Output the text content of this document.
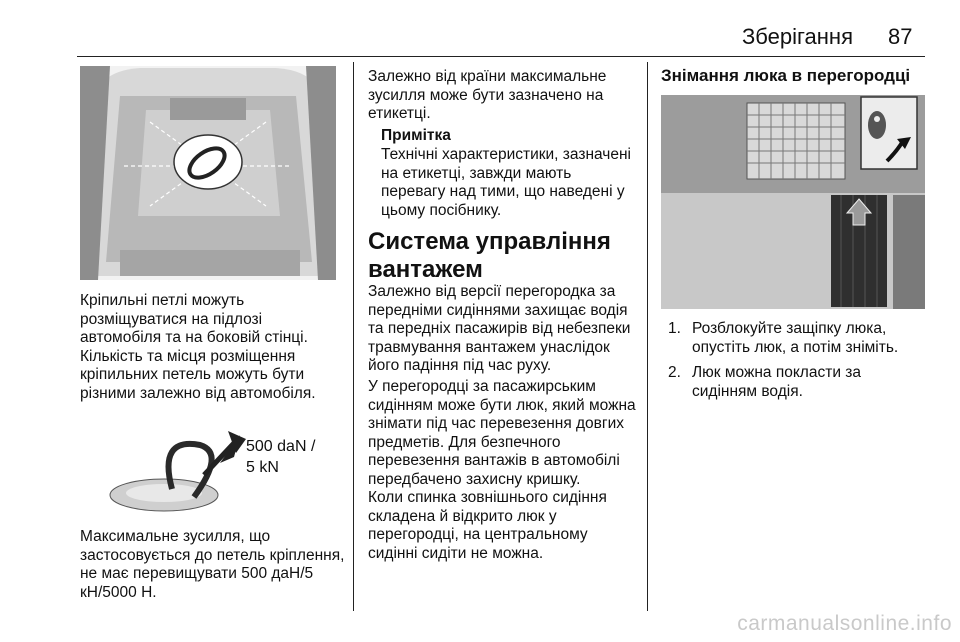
Зберігання 87

Кріпильні петлі можуть розміщуватися на підлозі автомобіля та на боковій стінці. Кількість та місця розміщення кріпильних петель можуть бути різними залежно від автомобіля.

500 daN /
5 kN

Максимальне зусилля, що застосовується до петель кріплення, не має перевищувати 500 даН/5 кН/5000 Н.

Залежно від країни максимальне зусилля може бути зазначено на етикетці.

Примітка

Технічні характеристики, зазначені на етикетці, завжди мають перевагу над тими, що наведені у цьому посібнику.

Система управління вантажем

Залежно від версії перегородка за передніми сидіннями захищає водія та передніх пасажирів від небезпеки травмування вантажем унаслідок його падіння під час руху.

У перегородці за пасажирським сидінням може бути люк, який можна знімати під час перевезення довгих предметів. Для безпечного перевезення вантажів в автомобілі передбачено захисну кришку.

Коли спинка зовнішнього сидіння складена й відкрито люк у перегородці, на центральному сидінні сидіти не можна.

Знімання люка в перегородці
1. Розблокуйте защіпку люка, опустіть люк, а потім зніміть.
2. Люк можна покласти за сидінням водія.
carmanualsonline.info
